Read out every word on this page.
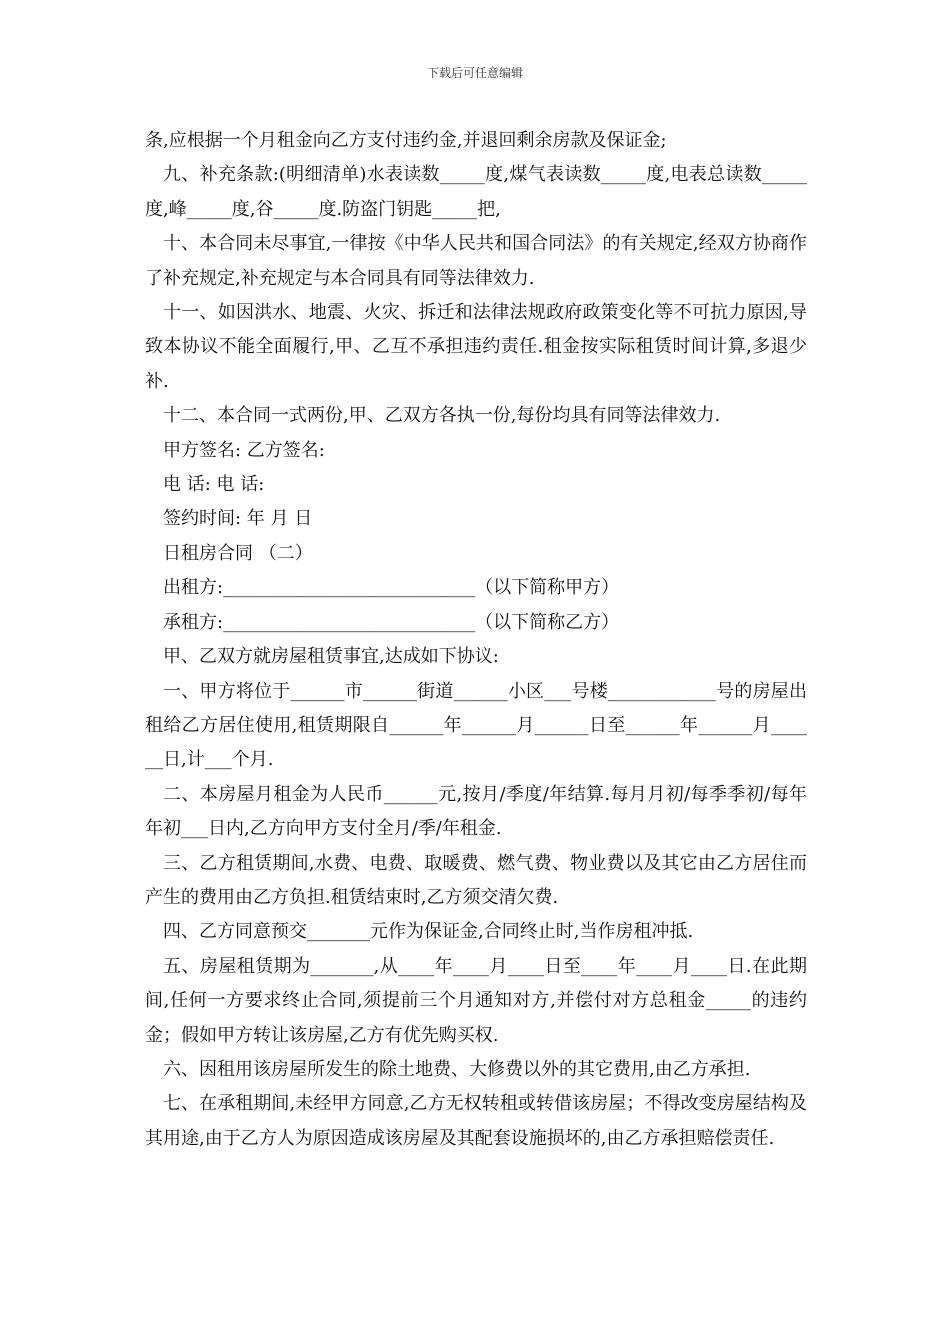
下载后可任意编辑

条,应根据一个月租金向乙方支付违约金,并退回剩余房款及保证金;

九、补充条款:(明细清单)水表读数_____度,煤气表读数_____度,电表总读数_____度,峰_____度,谷_____度.防盗门钥匙_____把,

十、本合同未尽事宜,一律按《中华人民共和国合同法》的有关规定,经双方协商作了补充规定,补充规定与本合同具有同等法律效力.

十一、如因洪水、地震、火灾、拆迁和法律法规政府政策变化等不可抗力原因,导致本协议不能全面履行,甲、乙互不承担违约责任.租金按实际租赁时间计算,多退少补.

十二、本合同一式两份,甲、乙双方各执一份,每份均具有同等法律效力.

甲方签名: 乙方签名:

电 话: 电 话:

签约时间: 年 月 日

日租房合同 （二）

出租方:____________________________（以下简称甲方）

承租方:____________________________（以下简称乙方）

甲、乙双方就房屋租赁事宜,达成如下协议:

一、甲方将位于______市______街道______小区___号楼____________号的房屋出租给乙方居住使用,租赁期限自______年______月______日至______年______月______日,计___个月.

二、本房屋月租金为人民币______元,按月/季度/年结算.每月月初/每季季初/每年年初___日内,乙方向甲方支付全月/季/年租金.

三、乙方租赁期间,水费、电费、取暖费、燃气费、物业费以及其它由乙方居住而产生的费用由乙方负担.租赁结束时,乙方须交清欠费.

四、乙方同意预交_______元作为保证金,合同终止时,当作房租冲抵.

五、房屋租赁期为_______,从____年____月____日至____年____月____日.在此期间,任何一方要求终止合同,须提前三个月通知对方,并偿付对方总租金_____的违约金；假如甲方转让该房屋,乙方有优先购买权.

六、因租用该房屋所发生的除土地费、大修费以外的其它费用,由乙方承担.

七、在承租期间,未经甲方同意,乙方无权转租或转借该房屋；不得改变房屋结构及其用途,由于乙方人为原因造成该房屋及其配套设施损坏的,由乙方承担赔偿责任.
